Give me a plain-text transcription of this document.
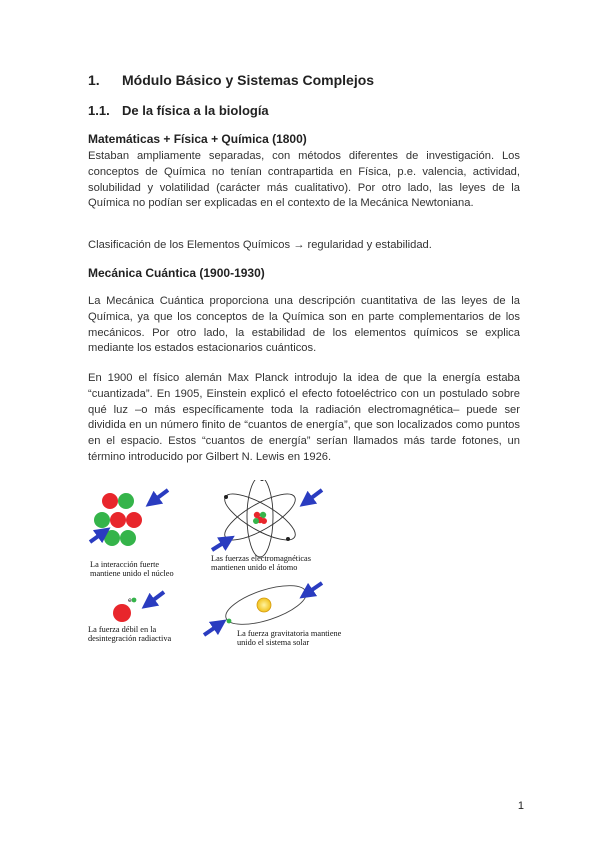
1. Módulo Básico y Sistemas Complejos
1.1. De la física a la biología
Matemáticas + Física + Química (1800)

Estaban ampliamente separadas, con métodos diferentes de investigación. Los conceptos de Química no tenían contrapartida en Física, p.e. valencia, actividad, solubilidad y volatilidad (carácter más cualitativo). Por otro lado, las leyes de la Química no podían ser explicadas en el contexto de la Mecánica Newtoniana.

Clasificación de los Elementos Químicos → regularidad y estabilidad.

Mecánica Cuántica (1900-1930)

La Mecánica Cuántica proporciona una descripción cuantitativa de las leyes de la Química, ya que los conceptos de la Química son en parte complementarios de los mecánicos. Por otro lado, la estabilidad de los elementos químicos se explica mediante los estados estacionarios cuánticos.

En 1900 el físico alemán Max Planck introdujo la idea de que la energía estaba “cuantizada”. En 1905, Einstein explicó el efecto fotoeléctrico con un postulado sobre qué luz –o más específicamente toda la radiación electromagnética– puede ser dividida en un número finito de “cuantos de energía”, que son localizados como puntos en el espacio. Estos “cuantos de energía” serían llamados más tarde fotones, un término introducido por Gilbert N. Lewis en 1926.

La interacción fuerte
mantiene unido el núcleo
Las fuerzas electromagnéticas
mantienen unido el átomo
e
La fuerza débil en la
desintegración radiactiva
La fuerza gravitatoria mantiene
unido el sistema solar
1
